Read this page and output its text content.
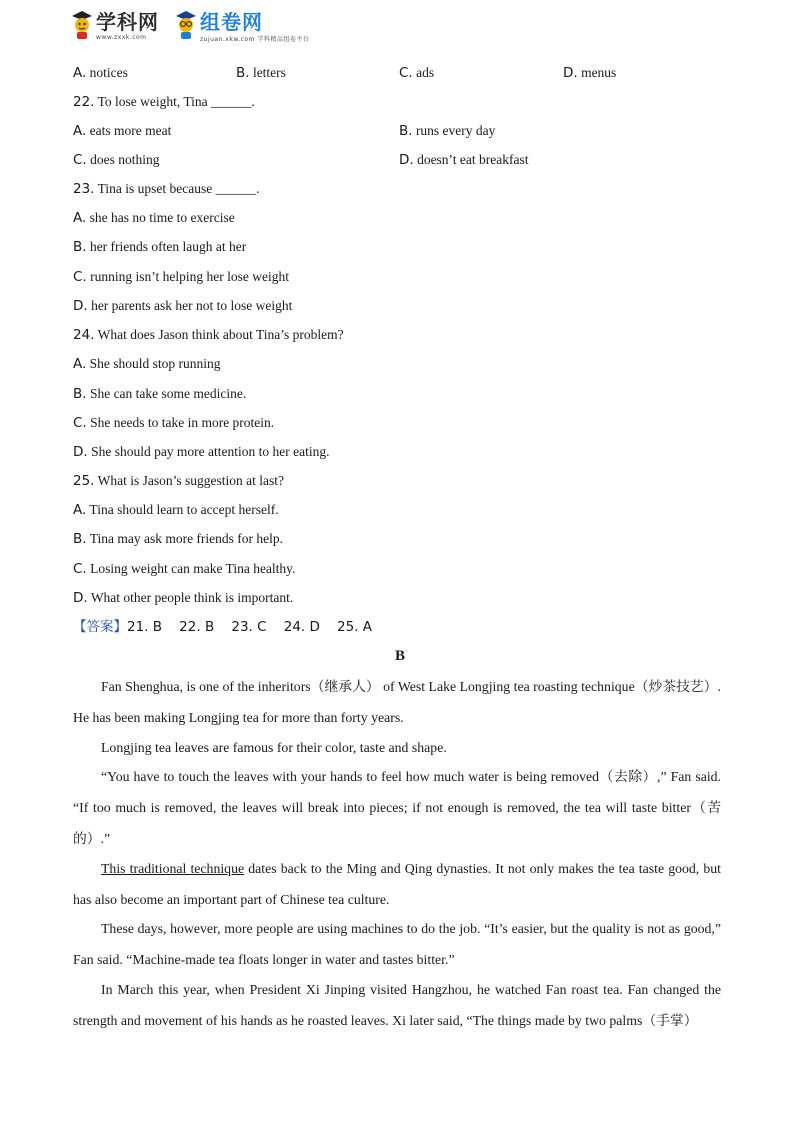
学科网
www.zxxk.com
组卷网
zujuan.xkw.com 学科精品组卷平台
A. notices	B. letters	C. ads	D. menus
22. To lose weight, Tina ______.
A. eats more meat	B. runs every day
C. does nothing	D. doesn’t eat breakfast
23. Tina is upset because ______.
A. she has no time to exercise
B. her friends often laugh at her
C. running isn’t helping her lose weight
D. her parents ask her not to lose weight
24. What does Jason think about Tina’s problem?
A. She should stop running
B. She can take some medicine.
C. She needs to take in more protein.
D. She should pay more attention to her eating.
25. What is Jason’s suggestion at last?
A. Tina should learn to accept herself.
B. Tina may ask more friends for help.
C. Losing weight can make Tina healthy.
D. What other people think is important.
【答案】21. B    22. B    23. C    24. D    25. A
B
Fan Shenghua, is one of the inheritors（继承人） of West Lake Longjing tea roasting technique（炒茶技艺）. He has been making Longjing tea for more than forty years.
Longjing tea leaves are famous for their color, taste and shape.
“You have to touch the leaves with your hands to feel how much water is being removed（去除）,” Fan said. “If too much is removed, the leaves will break into pieces; if not enough is removed, the tea will taste bitter（苦的）.”
This traditional technique dates back to the Ming and Qing dynasties. It not only makes the tea taste good, but has also become an important part of Chinese tea culture.
These days, however, more people are using machines to do the job. “It’s easier, but the quality is not as good,” Fan said. “Machine-made tea floats longer in water and tastes bitter.”
In March this year, when President Xi Jinping visited Hangzhou, he watched Fan roast tea. Fan changed the strength and movement of his hands as he roasted leaves. Xi later said, “The things made by two palms（手掌）
